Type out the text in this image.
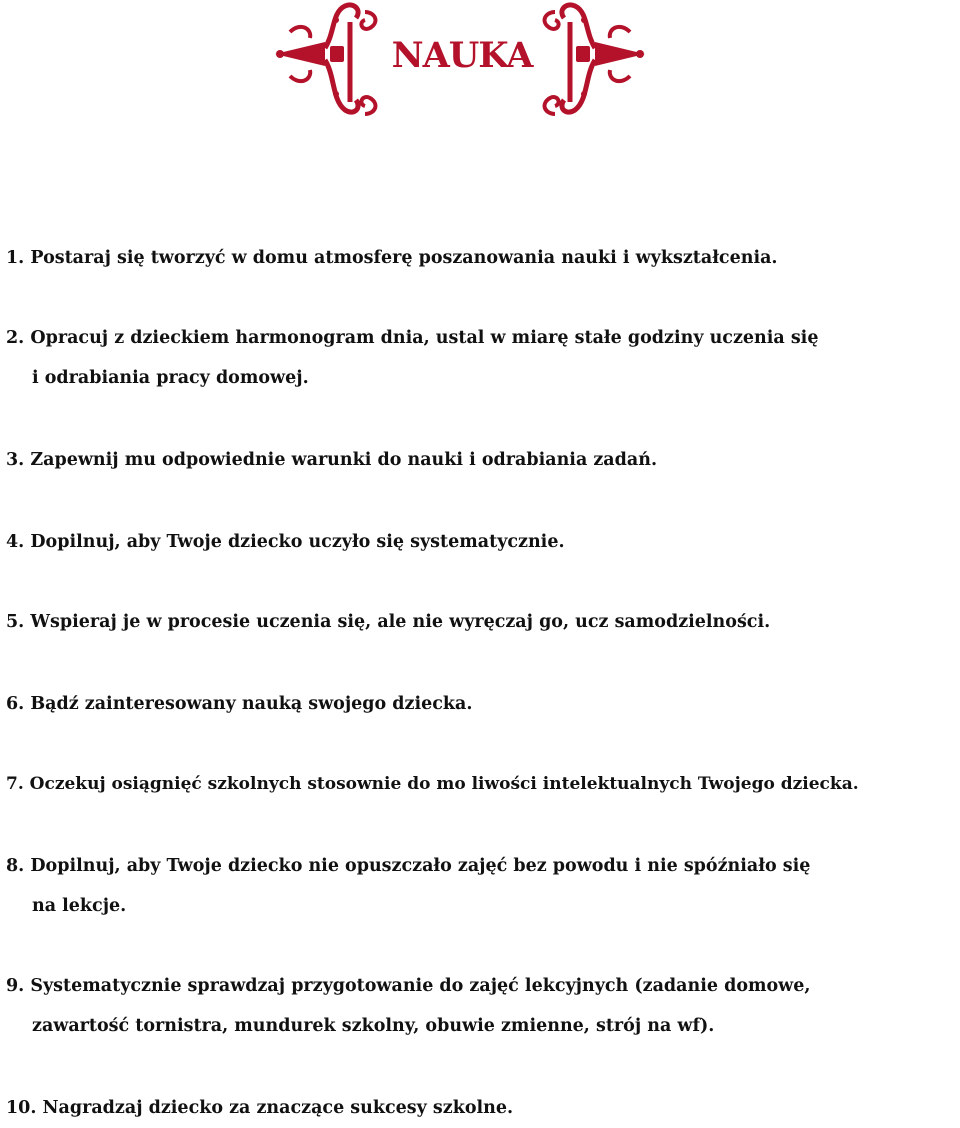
NAUKA
1. Postaraj się tworzyć w domu atmosferę poszanowania nauki i wykształcenia.
2. Opracuj z dzieckiem harmonogram dnia, ustal w miarę stałe godziny uczenia się
i odrabiania pracy domowej.
3. Zapewnij mu odpowiednie warunki do nauki i odrabiania zadań.
4. Dopilnuj, aby Twoje dziecko uczyło się systematycznie.
5. Wspieraj je w procesie uczenia się, ale nie wyręczaj go, ucz samodzielności.
6. Bądź zainteresowany nauką swojego dziecka.
7. Oczekuj osiągnięć szkolnych stosownie do mo liwości intelektualnych Twojego dziecka.
8. Dopilnuj, aby Twoje dziecko nie opuszczało zajęć bez powodu i nie spóźniało się
na lekcje.
9. Systematycznie sprawdzaj przygotowanie do zajęć lekcyjnych (zadanie domowe,
zawartość tornistra, mundurek szkolny, obuwie zmienne, strój na wf).
10. Nagradzaj dziecko za znaczące sukcesy szkolne.
